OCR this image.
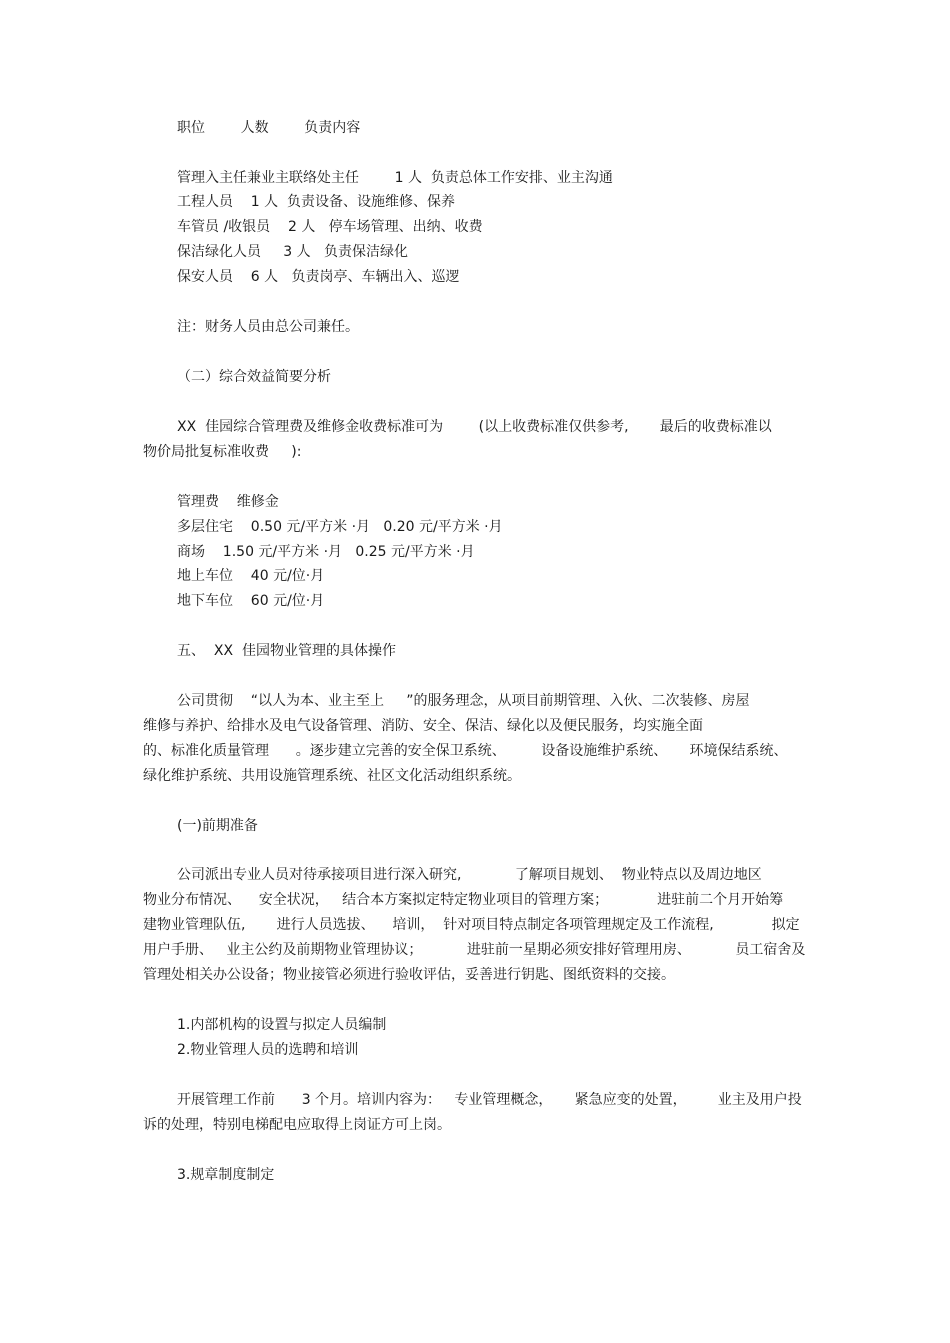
职位        人数        负责内容
管理入主任兼业主联络处主任        1 人  负责总体工作安排、业主沟通
工程人员    1 人  负责设备、设施维修、保养
车管员 /收银员    2 人   停车场管理、出纳、收费
保洁绿化人员     3 人   负责保洁绿化
保安人员    6 人   负责岗亭、车辆出入、巡逻
注：财务人员由总公司兼任。
（二）综合效益简要分析
XX  佳园综合管理费及维修金收费标准可为        (以上收费标准仅供参考,       最后的收费标准以
物价局批复标准收费     ):
管理费    维修金
多层住宅    0.50 元/平方米 ·月   0.20 元/平方米 ·月
商场    1.50 元/平方米 ·月   0.25 元/平方米 ·月
地上车位    40 元/位·月
地下车位    60 元/位·月
五、  XX  佳园物业管理的具体操作
公司贯彻    “以人为本、业主至上     ”的服务理念，从项目前期管理、入伙、二次装修、房屋
维修与养护、给排水及电气设备管理、消防、安全、保洁、绿化以及便民服务，均实施全面
的、标准化质量管理      。逐步建立完善的安全保卫系统、        设备设施维护系统、     环境保结系统、
绿化维护系统、共用设施管理系统、社区文化活动组织系统。
(一)前期准备
公司派出专业人员对待承接项目进行深入研究,            了解项目规划、  物业特点以及周边地区
物业分布情况、    安全状况，   结合本方案拟定特定物业项目的管理方案；           进驻前二个月开始筹
建物业管理队伍,       进行人员选拔、    培训，  针对项目特点制定各项管理规定及工作流程,             拟定
用户手册、   业主公约及前期物业管理协议；          进驻前一星期必须安排好管理用房、          员工宿舍及
管理处相关办公设备；物业接管必须进行验收评估，妥善进行钥匙、图纸资料的交接。
1.内部机构的设置与拟定人员编制
2.物业管理人员的选聘和培训
开展管理工作前      3 个月。培训内容为：   专业管理概念，     紧急应变的处置，       业主及用户投
诉的处理，特别电梯配电应取得上岗证方可上岗。
3.规章制度制定
